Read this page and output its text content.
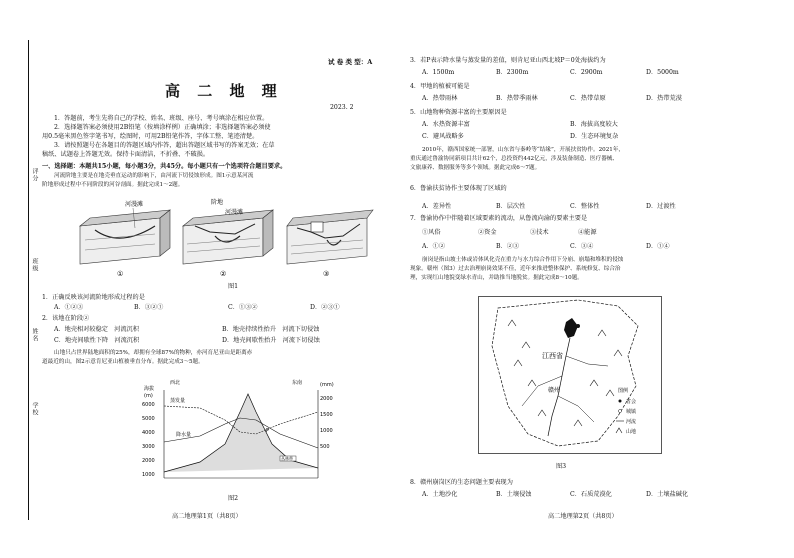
评分
班级
姓名
学校
试 卷 类 型：A
高 二 地 理
2023. 2
1．答题前，考生先将自己的学校、姓名、班级、座号、考号填涂在相应位置。
2．选择题答案必须使用2B铅笔（按填涂样例）正确填涂；非选择题答案必须使
用0.5毫米黑色签字笔书写，绘图时，可用2B铅笔作答，字体工整、笔迹清楚。
3．请按照题号在各题目的答题区域内作答，超出答题区域书写的答案无效；在草
稿纸、试题卷上答题无效。保持卡面清洁，不折叠、不破损。
一、选择题：本题共15小题，每小题3分，共45分。每小题只有一个选项符合题目要求。
河流阶地主要是在地壳垂直运动的影响下，由河流下切侵蚀形成。图1示意某河流
阶地形成过程中不同阶段的河谷剖面。据此完成1～2题。
河漫滩	阶地
河漫滩
①	②	③
图1
1．正确反映该河流阶地形成过程的是
A．①②③	B．③②①	C．①③②	D．②③①
2．该地在阶段②
A．地壳相对较稳定　河流沉积	B．地壳持续性抬升　河流下切侵蚀
C．地壳间歇性下降　河流沉积	D．地壳间歇性抬升　河流下切侵蚀
山地只占世界陆地面积的25%，却拥有全球87%的物种，亦河育尼亚山是距离赤
道最近的山，图2示意肯尼亚山植被垂直分布。据此完成3～5题。
海拔
(m)
(mm)
6000
5000
4000
3000
2000
1000
2000
1500
1000
500
蒸发量
降水量
西北	东南
P
丛林带
图2
高二地理第1页（共8页）
3．若P表示降水量与蒸发量的差值，则肯尼亚山西北坡P＝0处海拔约为
A．1500m	B．2300m	C．2900m	D．5000m
4．甲地的植被可能是
A．热带雨林	B．热带季雨林	C．热带草原	D．热带荒漠
5．山地物种资源丰富的主要原因是
A．水热资源丰富	B．海拔高度较大
C．避风战略多	D．生态环境复杂
2010年，赣西国家统一部署，山东省与秦岭等“结缘”，开展扶贫协作。2021年，
重庆通过鲁渝协同新项目共计62个，总投资约442亿元，涉及装备制造、医疗器械、
文旅康养、数据服务等多个领域。据此完成6～7题。
6．鲁渝扶贫协作主要体现了区域的
A．差异性	B．层次性	C．整体性	D．过渡性
7．鲁渝协作中伴随着区域要素的流动，从鲁流向渝的要素主要是
①风俗	②资金	③技术	④能源
A．①②	B．②③	C．③④	D．①④
崩岗是指山坡土体或岩体风化壳在重力与水力综合作用下分崩、崩塌和堆积的侵蚀
现象。赣州（图3）过去治理崩岗效果不佳，近年来推进整体保护、系统修复、综合治
理，实现红山地貌变绿水青山，并助推当地脱贫。据此完成8～10题。
江西省
赣州	图例
省会
城镇
河流
山地
图3
8．赣州崩岗区的生态问题主要表现为
A．土地沙化	B．土壤侵蚀	C．石质荒漠化	D．土壤盐碱化
高二地理第2页（共8页）
